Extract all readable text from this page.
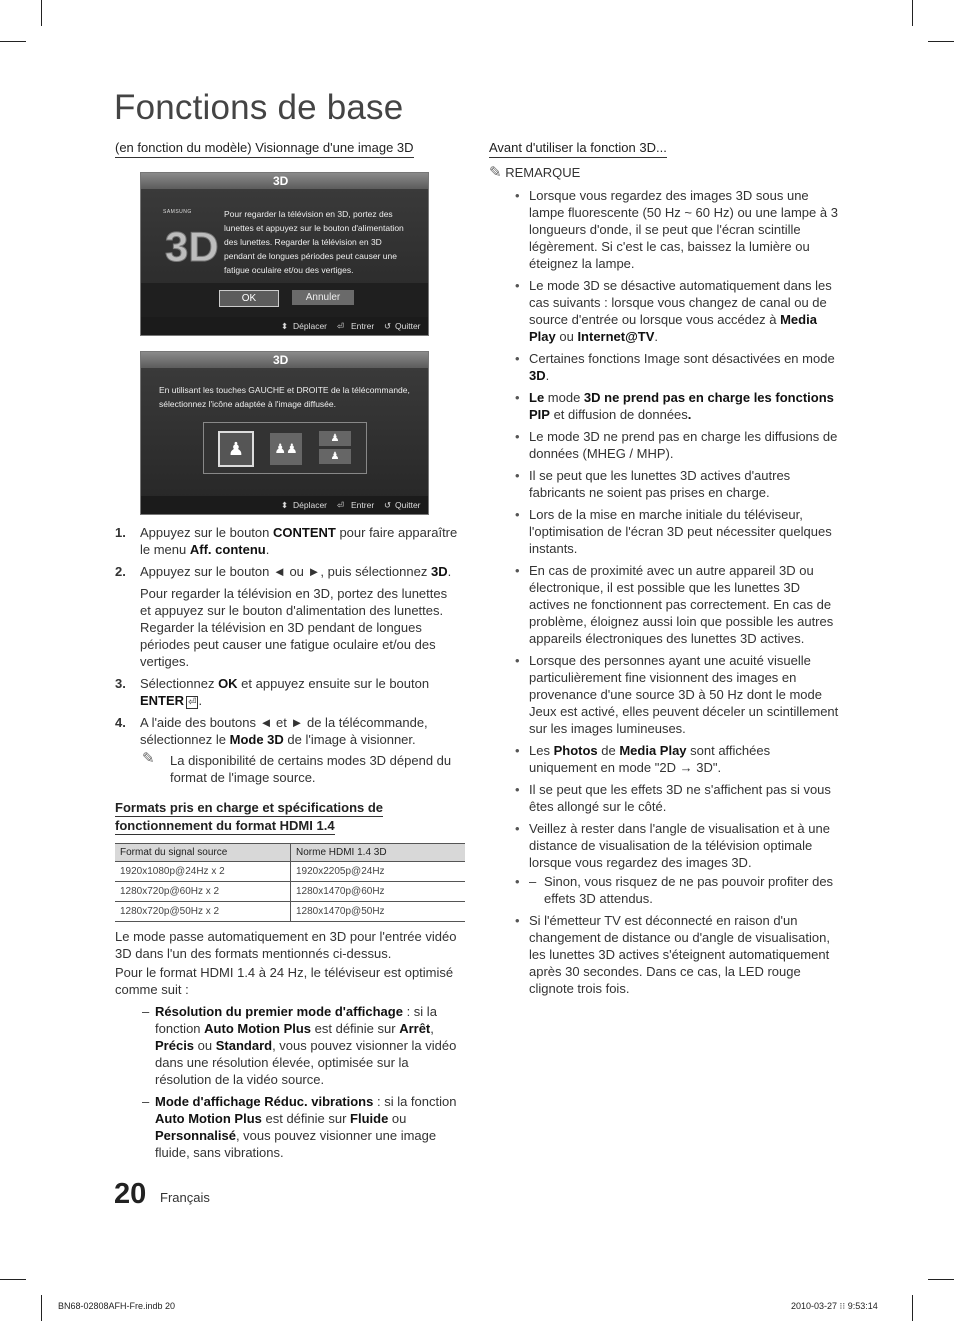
Fonctions de base
(en fonction du modèle) Visionnage d'une image 3D
3D
SAMSUNG
3D
Pour regarder la télévision en 3D, portez des lunettes et appuyez sur le bouton d'alimentation des lunettes. Regarder la télévision en 3D pendant de longues périodes peut causer une fatigue oculaire et/ou des vertiges.
OK	Annuler
⬍ Déplacer ⏎ Entrer ↺ Quitter
3D
En utilisant les touches GAUCHE et DROITE de la télécommande, sélectionnez l'icône adaptée à l'image diffusée.
♟	♟♟
♟
♟
⬍ Déplacer ⏎ Entrer ↺ Quitter
1. Appuyez sur le bouton CONTENT pour faire apparaître le menu Aff. contenu.
2. Appuyez sur le bouton ◄ ou ►, puis sélectionnez 3D.
Pour regarder la télévision en 3D, portez des lunettes et appuyez sur le bouton d'alimentation des lunettes. Regarder la télévision en 3D pendant de longues périodes peut causer une fatigue oculaire et/ou des vertiges.
3. Sélectionnez OK et appuyez ensuite sur le bouton ENTER ⏎ .
4. A l'aide des boutons ◄ et ► de la télécommande, sélectionnez le Mode 3D de l'image à visionner.
✎ La disponibilité de certains modes 3D dépend du format de l'image source.
Formats pris en charge et spécifications de
fonctionnement du format HDMI 1.4
Format du signal source	Norme HDMI 1.4 3D
1920x1080p@24Hz x 2	1920x2205p@24Hz
1280x720p@60Hz x 2	1280x1470p@60Hz
1280x720p@50Hz x 2	1280x1470p@50Hz

Le mode passe automatiquement en 3D pour l'entrée vidéo 3D dans l'un des formats mentionnés ci-dessus.

Pour le format HDMI 1.4 à 24 Hz, le téléviseur est optimisé comme suit :

– Résolution du premier mode d'affichage : si la fonction Auto Motion Plus est définie sur Arrêt, Précis ou Standard, vous pouvez visionner la vidéo dans une résolution élevée, optimisée sur la résolution de la vidéo source.
– Mode d'affichage Réduc. vibrations : si la fonction Auto Motion Plus est définie sur Fluide ou Personnalisé, vous pouvez visionner une image fluide, sans vibrations.
Avant d'utiliser la fonction 3D...
✎ REMARQUE
• Lorsque vous regardez des images 3D sous une lampe fluorescente (50 Hz ~ 60 Hz) ou une lampe à 3 longueurs d'onde, il se peut que l'écran scintille légèrement. Si c'est le cas, baissez la lumière ou éteignez la lampe.
• Le mode 3D se désactive automatiquement dans les cas suivants : lorsque vous changez de canal ou de source d'entrée ou lorsque vous accédez à Media Play ou Internet@TV.
• Certaines fonctions Image sont désactivées en mode 3D.
• Le mode 3D ne prend pas en charge les fonctions PIP et diffusion de données.
• Le mode 3D ne prend pas en charge les diffusions de données (MHEG / MHP).
• Il se peut que les lunettes 3D actives d'autres fabricants ne soient pas prises en charge.
• Lors de la mise en marche initiale du téléviseur, l'optimisation de l'écran 3D peut nécessiter quelques instants.
• En cas de proximité avec un autre appareil 3D ou électronique, il est possible que les lunettes 3D actives ne fonctionnent pas correctement. En cas de problème, éloignez aussi loin que possible les autres appareils électroniques des lunettes 3D actives.
• Lorsque des personnes ayant une acuité visuelle particulièrement fine visionnent des images en provenance d'une source 3D à 50 Hz dont le mode Jeux est activé, elles peuvent déceler un scintillement sur les images lumineuses.
• Les Photos de Media Play sont affichées uniquement en mode "2D → 3D".
• Il se peut que les effets 3D ne s'affichent pas si vous êtes allongé sur le côté.
• Veillez à rester dans l'angle de visualisation et à une distance de visualisation de la télévision optimale lorsque vous regardez des images 3D.
• – Sinon, vous risquez de ne pas pouvoir profiter des effets 3D attendus.
• Si l'émetteur TV est déconnecté en raison d'un changement de distance ou d'angle de visualisation, les lunettes 3D actives s'éteignent automatiquement après 30 secondes. Dans ce cas, la LED rouge clignote trois fois.
20 Français
BN68-02808AFH-Fre.indb 20	2010-03-27 ⁝⁝ 9:53:14
